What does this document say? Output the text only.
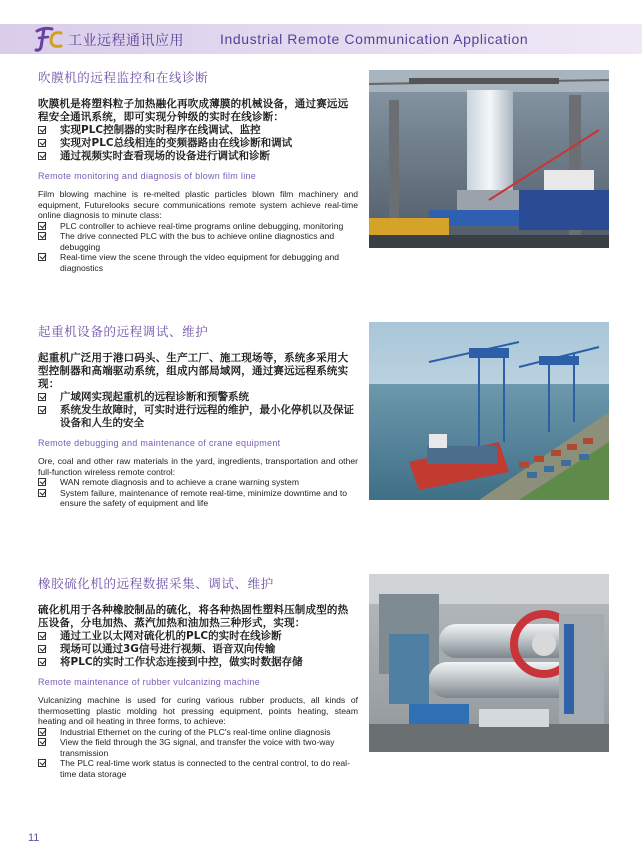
工业远程通讯应用	Industrial Remote Communication Application
吹膜机的远程监控和在线诊断

吹膜机是将塑料粒子加热融化再吹成薄膜的机械设备，通过赛远远程安全通讯系统，即可实现分钟级的实时在线诊断：

实现PLC控制器的实时程序在线调试、监控
实现对PLC总线相连的变频器路由在线诊断和调试
通过视频实时查看现场的设备进行调试和诊断
Remote monitoring and diagnosis of blown film line

Film blowing machine is re-melted plastic particles blown film machinery and equipment, Futurelooks secure communications remote system achieve real-time online diagnosis to minute class:

PLC controller to achieve real-time programs online debugging, monitoring
The drive connected PLC with the bus to achieve online diagnostics and debugging
Real-time view the scene through the video equipment for debugging and diagnostics
起重机设备的远程调试、维护

起重机广泛用于港口码头、生产工厂、施工现场等，系统多采用大型控制器和高端驱动系统，组成内部局域网，通过赛远远程系统实现：

广域网实现起重机的远程诊断和预警系统
系统发生故障时，可实时进行远程的维护，最小化停机以及保证设备和人生的安全
Remote debugging and maintenance of crane equipment

Ore, coal and other raw materials in the yard, ingredients, transportation and other full-function wireless remote control:

WAN remote diagnosis and to achieve a crane warning system
System failure, maintenance of remote real-time, minimize downtime and to ensure the safety of equipment and life
橡胶硫化机的远程数据采集、调试、维护

硫化机用于各种橡胶制品的硫化，将各种热固性塑料压制成型的热压设备，分电加热、蒸汽加热和油加热三种形式，实现：

通过工业以太网对硫化机的PLC的实时在线诊断
现场可以通过3G信号进行视频、语音双向传输
将PLC的实时工作状态连接到中控，做实时数据存储
Remote maintenance of rubber vulcanizing machine

Vulcanizing machine is used for curing various rubber products, all kinds of thermosetting plastic molding hot pressing equipment, points heating, steam heating and oil heating in three forms, to achieve:

Industrial Ethernet on the curing of the PLC's real-time online diagnosis
View the field through the 3G signal, and transfer the voice with two-way transmission
The PLC real-time work status is connected to the central control, to do real-time data storage
11
